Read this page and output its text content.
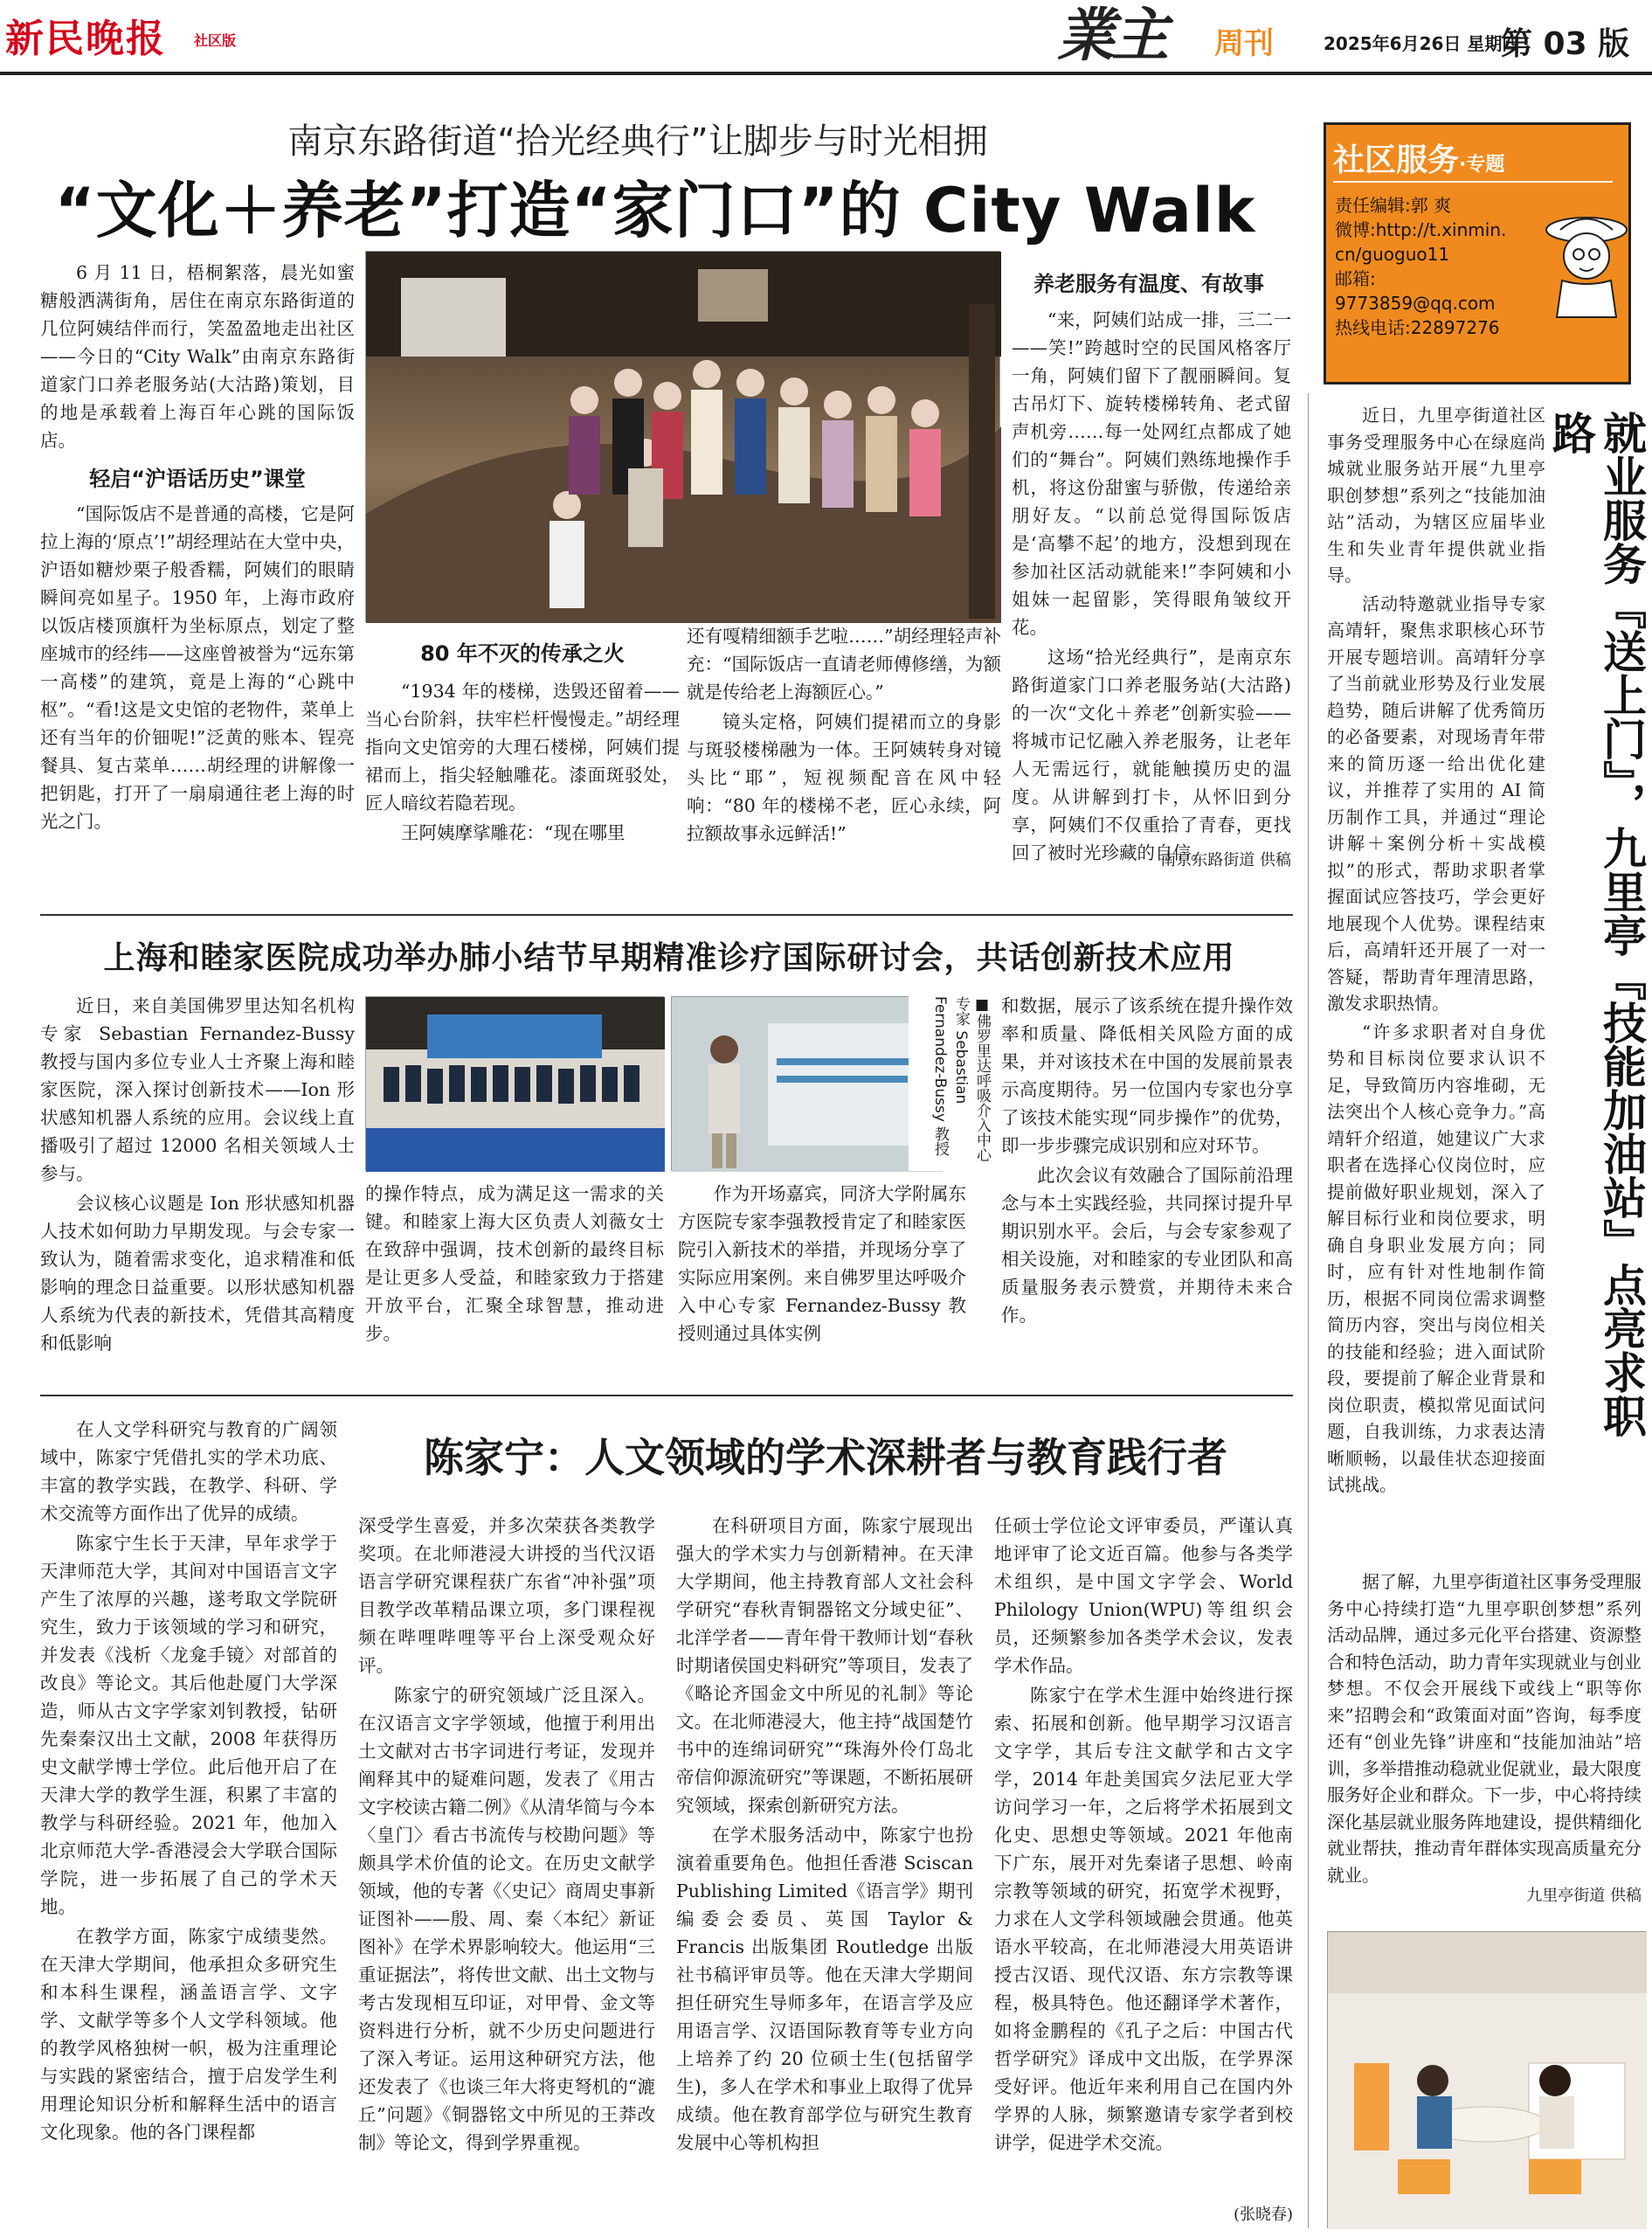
新民晚报 社区版	業主 周刊	2025年6月26日 星期四
第 03 版
南京东路街道“拾光经典行”让脚步与时光相拥
“文化＋养老”打造“家门口”的 City Walk

6 月 11 日，梧桐絮落，晨光如蜜糖般洒满街角，居住在南京东路街道的几位阿姨结伴而行，笑盈盈地走出社区——今日的“City Walk”由南京东路街道家门口养老服务站(大沽路)策划，目的地是承载着上海百年心跳的国际饭店。

轻启“沪语话历史”课堂

“国际饭店不是普通的高楼，它是阿拉上海的‘原点’!”胡经理站在大堂中央，沪语如糖炒栗子般香糯，阿姨们的眼睛瞬间亮如星子。1950 年，上海市政府以饭店楼顶旗杆为坐标原点，划定了整座城市的经纬——这座曾被誉为“远东第一高楼”的建筑，竟是上海的“心跳中枢”。“看!这是文史馆的老物件，菜单上还有当年的价钿呢!”泛黄的账本、锃亮餐具、复古菜单……胡经理的讲解像一把钥匙，打开了一扇扇通往老上海的时光之门。

80 年不灭的传承之火

“1934 年的楼梯，迭毁还留着——当心台阶斜，扶牢栏杆慢慢走。”胡经理指向文史馆旁的大理石楼梯，阿姨们提裙而上，指尖轻触雕花。漆面斑驳处，匠人暗纹若隐若现。

王阿姨摩挲雕花：“现在哪里

还有嘎精细额手艺啦……”胡经理轻声补充：“国际饭店一直请老师傅修缮，为额就是传给老上海额匠心。”

镜头定格，阿姨们提裙而立的身影与斑驳楼梯融为一体。王阿姨转身对镜头比“耶”，短视频配音在风中轻响：“80 年的楼梯不老，匠心永续，阿拉额故事永远鲜活!”

养老服务有温度、有故事

“来，阿姨们站成一排，三二一——笑!”跨越时空的民国风格客厅一角，阿姨们留下了靓丽瞬间。复古吊灯下、旋转楼梯转角、老式留声机旁……每一处网红点都成了她们的“舞台”。阿姨们熟练地操作手机，将这份甜蜜与骄傲，传递给亲朋好友。“以前总觉得国际饭店是‘高攀不起’的地方，没想到现在参加社区活动就能来!”李阿姨和小姐妹一起留影，笑得眼角皱纹开花。

这场“拾光经典行”，是南京东路街道家门口养老服务站(大沽路)的一次“文化＋养老”创新实验——将城市记忆融入养老服务，让老年人无需远行，就能触摸历史的温度。从讲解到打卡，从怀旧到分享，阿姨们不仅重拾了青春，更找回了被时光珍藏的自信。

南京东路街道 供稿
社区服务·专题
责任编辑:郭 爽
微博:http://t.xinmin.
cn/guoguo11
邮箱:
9773859@qq.com
热线电话:22897276
就业服务『送上门』，九里亭『技能加油站』点亮求职路

近日，九里亭街道社区事务受理服务中心在绿庭尚城就业服务站开展“九里亭职创梦想”系列之“技能加油站”活动，为辖区应届毕业生和失业青年提供就业指导。

活动特邀就业指导专家高靖轩，聚焦求职核心环节开展专题培训。高靖轩分享了当前就业形势及行业发展趋势，随后讲解了优秀简历的必备要素，对现场青年带来的简历逐一给出优化建议，并推荐了实用的 AI 简历制作工具，并通过“理论讲解＋案例分析＋实战模拟”的形式，帮助求职者掌握面试应答技巧，学会更好地展现个人优势。课程结束后，高靖轩还开展了一对一答疑，帮助青年理清思路，激发求职热情。

“许多求职者对自身优势和目标岗位要求认识不足，导致简历内容堆砌，无法突出个人核心竞争力。”高靖轩介绍道，她建议广大求职者在选择心仪岗位时，应提前做好职业规划，深入了解目标行业和岗位要求，明确自身职业发展方向；同时，应有针对性地制作简历，根据不同岗位需求调整简历内容，突出与岗位相关的技能和经验；进入面试阶段，要提前了解企业背景和岗位职责，模拟常见面试问题，自我训练，力求表达清晰顺畅，以最佳状态迎接面试挑战。

据了解，九里亭街道社区事务受理服务中心持续打造“九里亭职创梦想”系列活动品牌，通过多元化平台搭建、资源整合和特色活动，助力青年实现就业与创业梦想。不仅会开展线下或线上“职等你来”招聘会和“政策面对面”咨询，每季度还有“创业先锋”讲座和“技能加油站”培训，多举措推动稳就业促就业，最大限度服务好企业和群众。下一步，中心将持续深化基层就业服务阵地建设，提供精细化就业帮扶，推动青年群体实现高质量充分就业。

九里亭街道 供稿
上海和睦家医院成功举办肺小结节早期精准诊疗国际研讨会，共话创新技术应用

近日，来自美国佛罗里达知名机构专家 Sebastian Fernandez-Bussy 教授与国内多位专业人士齐聚上海和睦家医院，深入探讨创新技术——Ion 形状感知机器人系统的应用。会议线上直播吸引了超过 12000 名相关领域人士参与。

会议核心议题是 Ion 形状感知机器人技术如何助力早期发现。与会专家一致认为，随着需求变化，追求精准和低影响的理念日益重要。以形状感知机器人系统为代表的新技术，凭借其高精度和低影响

■佛罗里达呼吸介入中心专家 Sebastian Fernandez-Bussy 教授

的操作特点，成为满足这一需求的关键。和睦家上海大区负责人刘薇女士在致辞中强调，技术创新的最终目标是让更多人受益，和睦家致力于搭建开放平台，汇聚全球智慧，推动进步。

作为开场嘉宾，同济大学附属东方医院专家李强教授肯定了和睦家医院引入新技术的举措，并现场分享了实际应用案例。来自佛罗里达呼吸介入中心专家 Fernandez-Bussy 教授则通过具体实例

和数据，展示了该系统在提升操作效率和质量、降低相关风险方面的成果，并对该技术在中国的发展前景表示高度期待。另一位国内专家也分享了该技术能实现“同步操作”的优势，即一步步骤完成识别和应对环节。

此次会议有效融合了国际前沿理念与本土实践经验，共同探讨提升早期识别水平。会后，与会专家参观了相关设施，对和睦家的专业团队和高质量服务表示赞赏，并期待未来合作。

陈家宁：人文领域的学术深耕者与教育践行者

在人文学科研究与教育的广阔领域中，陈家宁凭借扎实的学术功底、丰富的教学实践，在教学、科研、学术交流等方面作出了优异的成绩。

陈家宁生长于天津，早年求学于天津师范大学，其间对中国语言文字产生了浓厚的兴趣，遂考取文学院研究生，致力于该领域的学习和研究，并发表《浅析〈龙龛手镜〉对部首的改良》等论文。其后他赴厦门大学深造，师从古文字学家刘钊教授，钻研先秦秦汉出土文献，2008 年获得历史文献学博士学位。此后他开启了在天津大学的教学生涯，积累了丰富的教学与科研经验。2021 年，他加入北京师范大学-香港浸会大学联合国际学院，进一步拓展了自己的学术天地。

在教学方面，陈家宁成绩斐然。在天津大学期间，他承担众多研究生和本科生课程，涵盖语言学、文字学、文献学等多个人文学科领域。他的教学风格独树一帜，极为注重理论与实践的紧密结合，擅于启发学生利用理论知识分析和解释生活中的语言文化现象。他的各门课程都

深受学生喜爱，并多次荣获各类教学奖项。在北师港浸大讲授的当代汉语语言学研究课程获广东省“冲补强”项目教学改革精品课立项，多门课程视频在哔哩哔哩等平台上深受观众好评。

陈家宁的研究领域广泛且深入。在汉语言文字学领域，他擅于利用出土文献对古书字词进行考证，发现并阐释其中的疑难问题，发表了《用古文字校读古籍二例》《从清华简与今本〈皇门〉看古书流传与校勘问题》等颇具学术价值的论文。在历史文献学领域，他的专著《〈史记〉商周史事新证图补——殷、周、秦〈本纪〉新证图补》在学术界影响较大。他运用“三重证据法”，将传世文献、出土文物与考古发现相互印证，对甲骨、金文等资料进行分析，就不少历史问题进行了深入考证。运用这种研究方法，他还发表了《也谈三年大将吏弩机的“漉丘”问题》《铜器铭文中所见的王莽改制》等论文，得到学界重视。

在科研项目方面，陈家宁展现出强大的学术实力与创新精神。在天津大学期间，他主持教育部人文社会科学研究“春秋青铜器铭文分域史征”、北洋学者——青年骨干教师计划“春秋时期诸侯国史料研究”等项目，发表了《略论齐国金文中所见的礼制》等论文。在北师港浸大，他主持“战国楚竹书中的连绵词研究”“珠海外伶仃岛北帝信仰源流研究”等课题，不断拓展研究领域，探索创新研究方法。

在学术服务活动中，陈家宁也扮演着重要角色。他担任香港 Sciscan Publishing Limited《语言学》期刊编委会委员、英国 Taylor & Francis 出版集团 Routledge 出版社书稿评审员等。他在天津大学期间担任研究生导师多年，在语言学及应用语言学、汉语国际教育等专业方向上培养了约 20 位硕士生(包括留学生)，多人在学术和事业上取得了优异成绩。他在教育部学位与研究生教育发展中心等机构担

任硕士学位论文评审委员，严谨认真地评审了论文近百篇。他参与各类学术组织，是中国文字学会、World Philology Union(WPU)等组织会员，还频繁参加各类学术会议，发表学术作品。

陈家宁在学术生涯中始终进行探索、拓展和创新。他早期学习汉语言文字学，其后专注文献学和古文字学，2014 年赴美国宾夕法尼亚大学访问学习一年，之后将学术拓展到文化史、思想史等领域。2021 年他南下广东，展开对先秦诸子思想、岭南宗教等领域的研究，拓宽学术视野，力求在人文学科领域融会贯通。他英语水平较高，在北师港浸大用英语讲授古汉语、现代汉语、东方宗教等课程，极具特色。他还翻译学术著作，如将金鹏程的《孔子之后：中国古代哲学研究》译成中文出版，在学界深受好评。他近年来利用自己在国内外学界的人脉，频繁邀请专家学者到校讲学，促进学术交流。

(张晓春)
